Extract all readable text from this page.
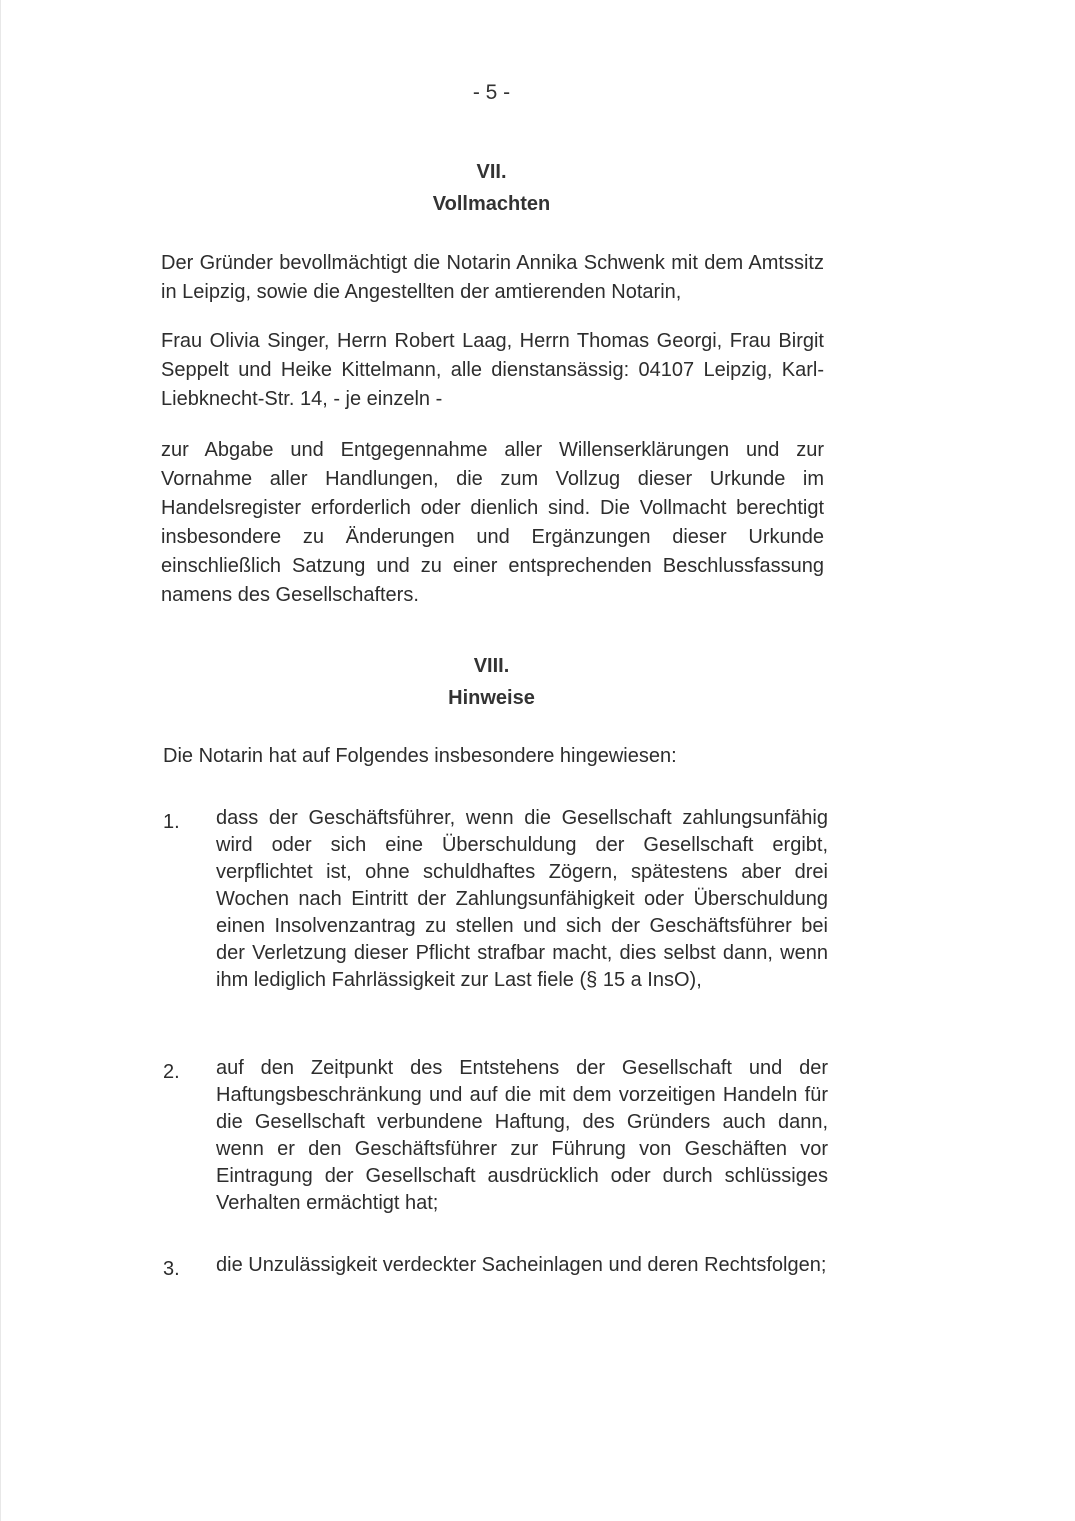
- 5 -
VII.
Vollmachten

Der Gründer bevollmächtigt die Notarin Annika Schwenk mit dem Amtssitz in Leipzig, sowie die Angestellten der amtierenden Notarin,

Frau Olivia Singer, Herrn Robert Laag, Herrn Thomas Georgi, Frau Birgit Seppelt und Heike Kittelmann, alle dienstansässig: 04107 Leipzig, Karl-Liebknecht-Str. 14, - je einzeln -

zur Abgabe und Entgegennahme aller Willenserklärungen und zur Vornahme aller Handlungen, die zum Vollzug dieser Urkunde im Handelsregister erforderlich oder dienlich sind. Die Vollmacht berechtigt insbesondere zu Änderungen und Ergänzungen dieser Urkunde einschließlich Satzung und zu einer entsprechenden Beschlussfassung namens des Gesellschafters.

VIII.
Hinweise

Die Notarin hat auf Folgendes insbesondere hingewiesen:

1.	dass der Geschäftsführer, wenn die Gesellschaft zahlungsunfähig wird oder sich eine Überschuldung der Gesellschaft ergibt, verpflichtet ist, ohne schuldhaftes Zögern, spätestens aber drei Wochen nach Eintritt der Zahlungsunfähigkeit oder Überschuldung einen Insolvenzantrag zu stellen und sich der Geschäftsführer bei der Verletzung dieser Pflicht strafbar macht, dies selbst dann, wenn ihm lediglich Fahrlässigkeit zur Last fiele (§ 15 a InsO),

2.	auf den Zeitpunkt des Entstehens der Gesellschaft und der Haftungsbeschränkung und auf die mit dem vorzeitigen Handeln für die Gesellschaft verbundene Haftung, des Gründers auch dann, wenn er den Geschäftsführer zur Führung von Geschäften vor Eintragung der Gesellschaft ausdrücklich oder durch schlüssiges Verhalten ermächtigt hat;

3.	die Unzulässigkeit verdeckter Sacheinlagen und deren Rechtsfolgen;
